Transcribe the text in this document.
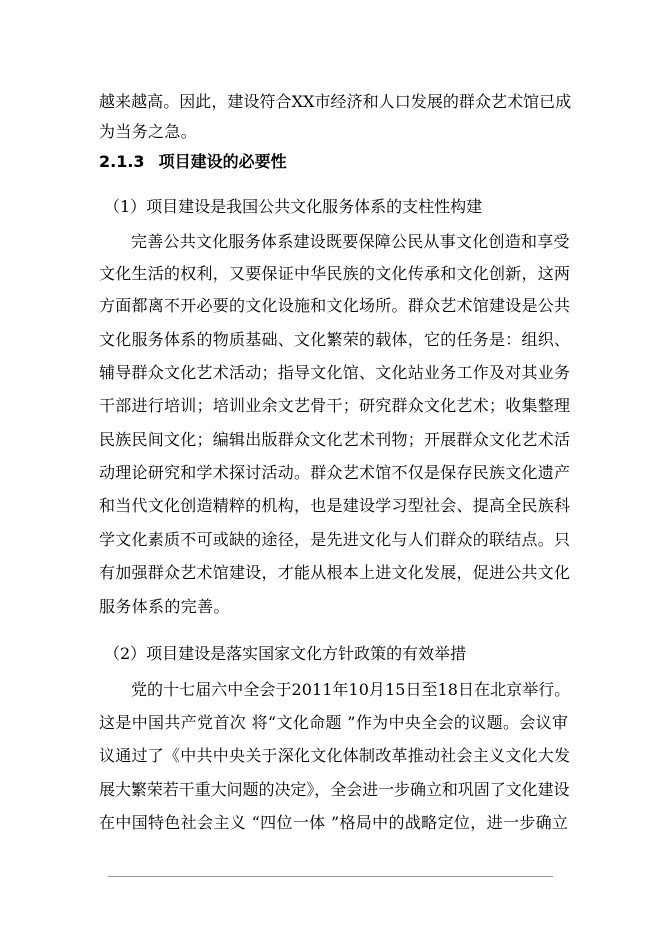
越来越高。因此，建设符合XX市经济和人口发展的群众艺术馆已成
为当务之急。
2.1.3 项目建设的必要性
（1）项目建设是我国公共文化服务体系的支柱性构建
完善公共文化服务体系建设既要保障公民从事文化创造和享受
文化生活的权利，又要保证中华民族的文化传承和文化创新，这两
方面都离不开必要的文化设施和文化场所。群众艺术馆建设是公共
文化服务体系的物质基础、文化繁荣的载体，它的任务是：组织、
辅导群众文化艺术活动；指导文化馆、文化站业务工作及对其业务
干部进行培训；培训业余文艺骨干；研究群众文化艺术；收集整理
民族民间文化；编辑出版群众文化艺术刊物；开展群众文化艺术活
动理论研究和学术探讨活动。群众艺术馆不仅是保存民族文化遗产
和当代文化创造精粹的机构，也是建设学习型社会、提高全民族科
学文化素质不可或缺的途径，是先进文化与人们群众的联结点。只
有加强群众艺术馆建设，才能从根本上进文化发展，促进公共文化
服务体系的完善。
（2）项目建设是落实国家文化方针政策的有效举措
党的十七届六中全会于2011年10月15日至18日在北京举行。
这是中国共产党首次 将“文化命题 ”作为中央全会的议题。会议审
议通过了《中共中央关于深化文化体制改革推动社会主义文化大发
展大繁荣若干重大问题的决定》，全会进一步确立和巩固了文化建设
在中国特色社会主义 “四位一体 ”格局中的战略定位，进一步确立
